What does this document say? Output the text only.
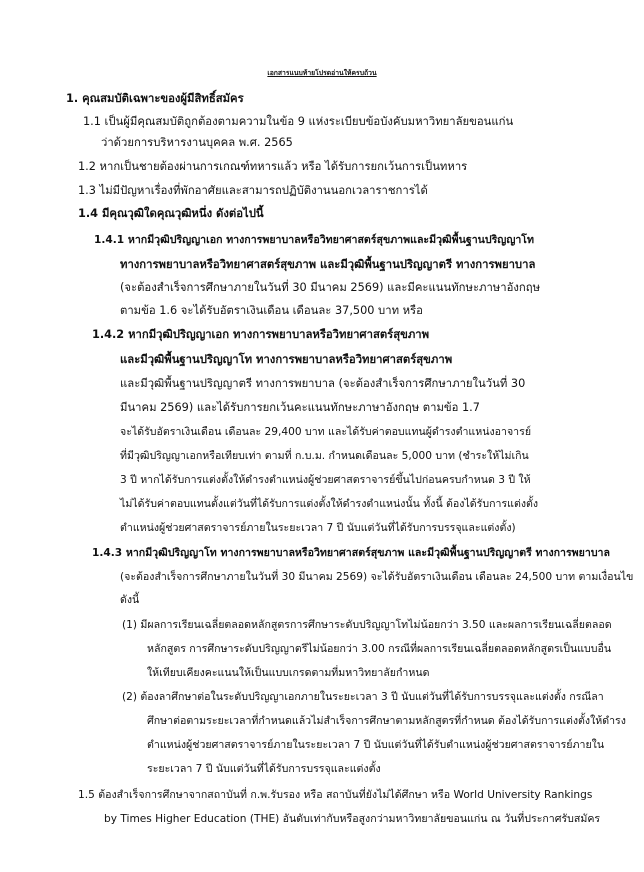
เอกสารแนบท้ายโปรดอ่านให้ครบถ้วน
1. คุณสมบัติเฉพาะของผู้มีสิทธิ์สมัคร
1.1 เป็นผู้มีคุณสมบัติถูกต้องตามความในข้อ 9 แห่งระเบียบข้อบังคับมหาวิทยาลัยขอนแก่น
ว่าด้วยการบริหารงานบุคคล พ.ศ. 2565
1.2 หากเป็นชายต้องผ่านการเกณฑ์ทหารแล้ว หรือ ได้รับการยกเว้นการเป็นทหาร
1.3 ไม่มีปัญหาเรื่องที่พักอาศัยและสามารถปฏิบัติงานนอกเวลาราชการได้
1.4 มีคุณวุฒิใดคุณวุฒิหนึ่ง ดังต่อไปนี้
1.4.1 หากมีวุฒิปริญญาเอก ทางการพยาบาลหรือวิทยาศาสตร์สุขภาพและมีวุฒิพื้นฐานปริญญาโท
ทางการพยาบาลหรือวิทยาศาสตร์สุขภาพ และมีวุฒิพื้นฐานปริญญาตรี ทางการพยาบาล
(จะต้องสำเร็จการศึกษาภายในวันที่ 30 มีนาคม 2569) และมีคะแนนทักษะภาษาอังกฤษ
ตามข้อ 1.6 จะได้รับอัตราเงินเดือน เดือนละ 37,500 บาท หรือ
1.4.2 หากมีวุฒิปริญญาเอก ทางการพยาบาลหรือวิทยาศาสตร์สุขภาพ
และมีวุฒิพื้นฐานปริญญาโท ทางการพยาบาลหรือวิทยาศาสตร์สุขภาพ
และมีวุฒิพื้นฐานปริญญาตรี ทางการพยาบาล (จะต้องสำเร็จการศึกษาภายในวันที่ 30
มีนาคม 2569) และได้รับการยกเว้นคะแนนทักษะภาษาอังกฤษ ตามข้อ 1.7
จะได้รับอัตราเงินเดือน เดือนละ 29,400 บาท และได้รับค่าตอบแทนผู้ดำรงตำแหน่งอาจารย์
ที่มีวุฒิปริญญาเอกหรือเทียบเท่า ตามที่ ก.บ.ม. กำหนดเดือนละ 5,000 บาท (ชำระให้ไม่เกิน
3 ปี หากได้รับการแต่งตั้งให้ดำรงตำแหน่งผู้ช่วยศาสตราจารย์ขึ้นไปก่อนครบกำหนด 3 ปี ให้
ไม่ได้รับค่าตอบแทนตั้งแต่วันที่ได้รับการแต่งตั้งให้ดำรงตำแหน่งนั้น ทั้งนี้ ต้องได้รับการแต่งตั้ง
ตำแหน่งผู้ช่วยศาสตราจารย์ภายในระยะเวลา 7 ปี นับแต่วันที่ได้รับการบรรจุและแต่งตั้ง)
1.4.3 หากมีวุฒิปริญญาโท ทางการพยาบาลหรือวิทยาศาสตร์สุขภาพ และมีวุฒิพื้นฐานปริญญาตรี ทางการพยาบาล
(จะต้องสำเร็จการศึกษาภายในวันที่ 30 มีนาคม 2569) จะได้รับอัตราเงินเดือน เดือนละ 24,500 บาท ตามเงื่อนไข
ดังนี้
(1) มีผลการเรียนเฉลี่ยตลอดหลักสูตรการศึกษาระดับปริญญาโทไม่น้อยกว่า 3.50 และผลการเรียนเฉลี่ยตลอด
หลักสูตร การศึกษาระดับปริญญาตรีไม่น้อยกว่า 3.00 กรณีที่ผลการเรียนเฉลี่ยตลอดหลักสูตรเป็นแบบอื่น
ให้เทียบเคียงคะแนนให้เป็นแบบเกรดตามที่มหาวิทยาลัยกำหนด
(2) ต้องลาศึกษาต่อในระดับปริญญาเอกภายในระยะเวลา 3 ปี นับแต่วันที่ได้รับการบรรจุและแต่งตั้ง กรณีลา
ศึกษาต่อตามระยะเวลาที่กำหนดแล้วไม่สำเร็จการศึกษาตามหลักสูตรที่กำหนด ต้องได้รับการแต่งตั้งให้ดำรง
ตำแหน่งผู้ช่วยศาสตราจารย์ภายในระยะเวลา 7 ปี นับแต่วันที่ได้รับตำแหน่งผู้ช่วยศาสตราจารย์ภายใน
ระยะเวลา 7 ปี นับแต่วันที่ได้รับการบรรจุและแต่งตั้ง
1.5 ต้องสำเร็จการศึกษาจากสถาบันที่ ก.พ.รับรอง หรือ สถาบันที่ยังไม่ได้ศึกษา หรือ World University Rankings
by Times Higher Education (THE) อันดับเท่ากับหรือสูงกว่ามหาวิทยาลัยขอนแก่น ณ วันที่ประกาศรับสมัคร
